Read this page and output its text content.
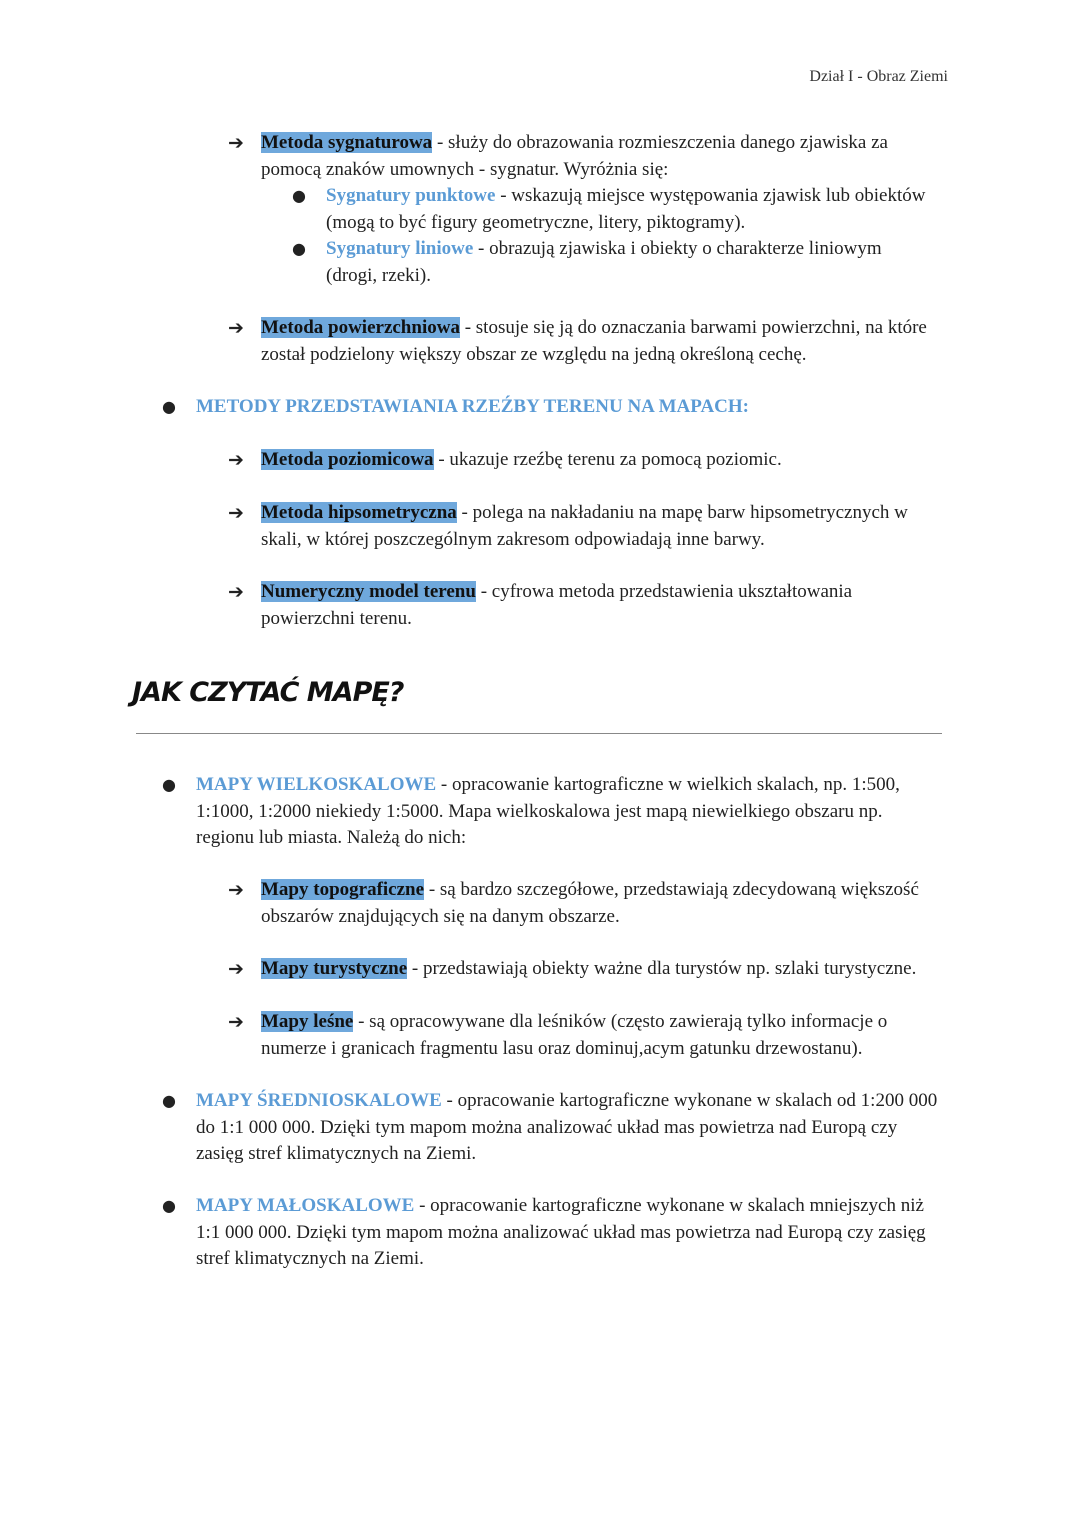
Dział I - Obraz Ziemi
➔ Metoda sygnaturowa - służy do obrazowania rozmieszczenia danego zjawiska za pomocą znaków umownych - sygnatur. Wyróżnia się:
●	Sygnatury punktowe - wskazują miejsce występowania zjawisk lub obiektów (mogą to być figury geometryczne, litery, piktogramy).
●	Sygnatury liniowe - obrazują zjawiska i obiekty o charakterze liniowym (drogi, rzeki).
➔ Metoda powierzchniowa - stosuje się ją do oznaczania barwami powierzchni, na które został podzielony większy obszar ze względu na jedną określoną cechę.
●	METODY PRZEDSTAWIANIA RZEŹBY TERENU NA MAPACH:
➔ Metoda poziomicowa - ukazuje rzeźbę terenu za pomocą poziomic.
➔ Metoda hipsometryczna - polega na nakładaniu na mapę barw hipsometrycznych w skali, w której poszczególnym zakresom odpowiadają inne barwy.
➔ Numeryczny model terenu - cyfrowa metoda przedstawienia ukształtowania powierzchni terenu.
JAK CZYTAĆ MAPĘ?
●	MAPY WIELKOSKALOWE - opracowanie kartograficzne w wielkich skalach, np. 1:500, 1:1000, 1:2000 niekiedy 1:5000. Mapa wielkoskalowa jest mapą niewielkiego obszaru np. regionu lub miasta. Należą do nich:
➔ Mapy topograficzne - są bardzo szczegółowe, przedstawiają zdecydowaną większość obszarów znajdujących się na danym obszarze.
➔ Mapy turystyczne - przedstawiają obiekty ważne dla turystów np. szlaki turystyczne.
➔ Mapy leśne - są opracowywane dla leśników (często zawierają tylko informacje o numerze i granicach fragmentu lasu oraz dominuj,acym gatunku drzewostanu).
●	MAPY ŚREDNIOSKALOWE - opracowanie kartograficzne wykonane w skalach od 1:200 000 do 1:1 000 000. Dzięki tym mapom można analizować układ mas powietrza nad Europą czy zasięg stref klimatycznych na Ziemi.
●	MAPY MAŁOSKALOWE - opracowanie kartograficzne wykonane w skalach mniejszych niż 1:1 000 000. Dzięki tym mapom można analizować układ mas powietrza nad Europą czy zasięg stref klimatycznych na Ziemi.
